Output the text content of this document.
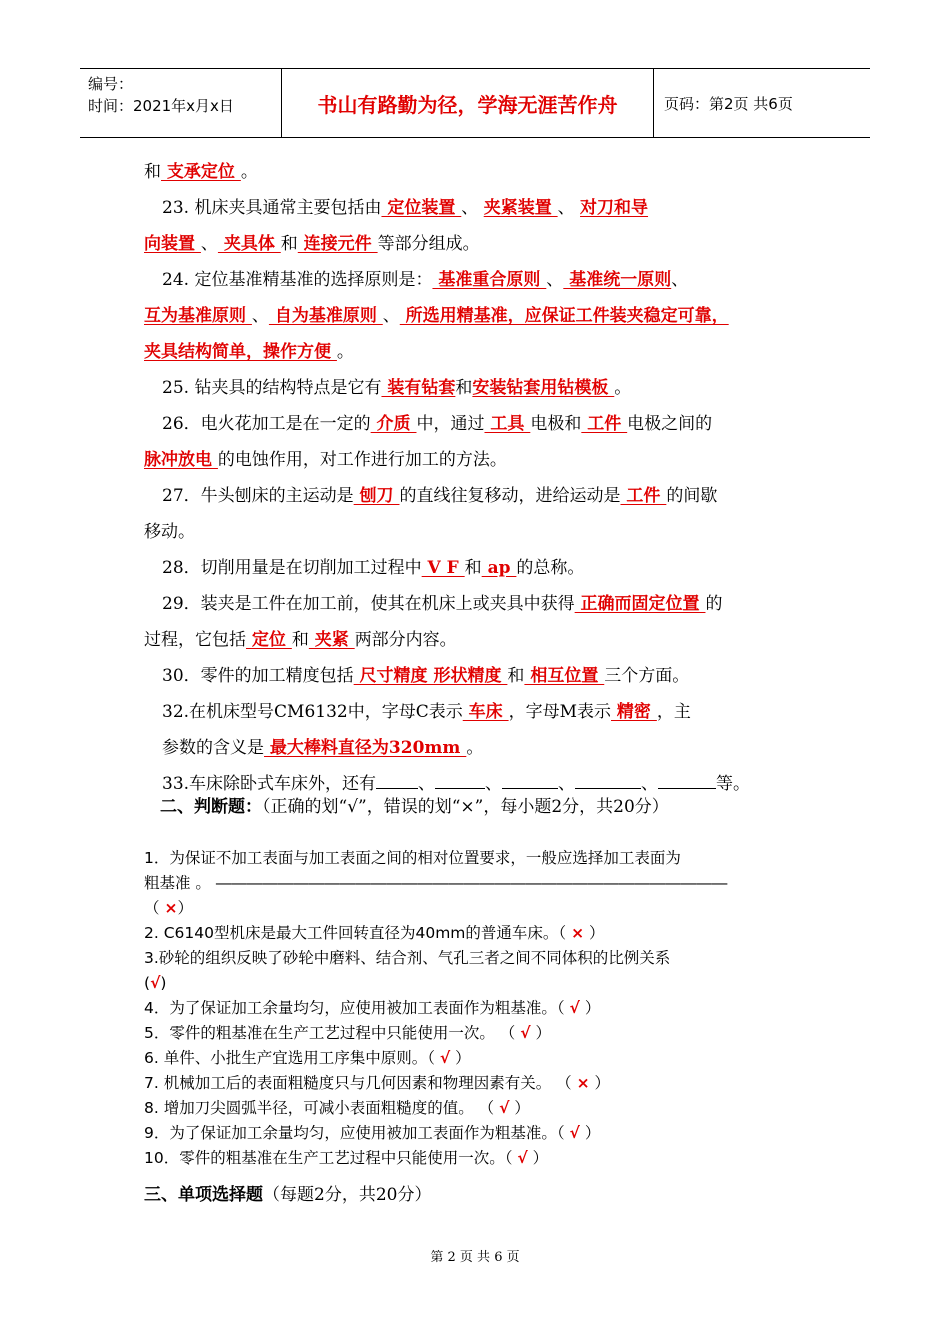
编号：
时间：2021年x月x日	书山有路勤为径，学海无涯苦作舟	页码：第2页 共6页
和 支承定位 。
23. 机床夹具通常主要包括由 定位装置 、 夹紧装置 、 对刀和导
向装置 、 夹具体 和 连接元件 等部分组成。
24. 定位基准精基准的选择原则是： 基准重合原则 、 基准统一原则、
互为基准原则 、 自为基准原则 、 所选用精基准，应保证工件装夹稳定可靠，
夹具结构简单，操作方便 。
25. 钻夹具的结构特点是它有 装有钻套和安装钻套用钻模板 。
26．电火花加工是在一定的 介质 中，通过 工具 电极和 工件 电极之间的
脉冲放电 的电蚀作用，对工作进行加工的方法。
27．牛头刨床的主运动是 刨刀 的直线往复移动，进给运动是 工件 的间歇
移动。
28．切削用量是在切削加工过程中 V F 和 ap 的总称。
29．装夹是工件在加工前，使其在机床上或夹具中获得 正确而固定位置 的
过程，它包括 定位 和 夹紧 两部分内容。
30．零件的加工精度包括 尺寸精度 形状精度 和 相互位置 三个方面。
32.在机床型号CM6132中，字母C表示 车床 ，字母M表示 精密 ，主
参数的含义是 最大棒料直径为320mm 。
33.车床除卧式车床外，还有 、	、	、	、	等。
二、判断题：（正确的划“√”，错误的划“×”，每小题2分，共20分）
1．为保证不加工表面与加工表面之间的相对位置要求，一般应选择加工表面为
粗基准 。 ―――――――――――――――――――――――――――――――――
（ ×）
2. C6140型机床是最大工件回转直径为40mm的普通车床。（ × ）
3.砂轮的组织反映了砂轮中磨料、结合剂、气孔三者之间不同体积的比例关系
(√)
4．为了保证加工余量均匀，应使用被加工表面作为粗基准。（ √ ）
5．零件的粗基准在生产工艺过程中只能使用一次。 （ √ ）
6. 单件、小批生产宜选用工序集中原则。（ √ ）
7. 机械加工后的表面粗糙度只与几何因素和物理因素有关。 （ × ）
8. 增加刀尖圆弧半径，可减小表面粗糙度的值。 （ √ ）
9．为了保证加工余量均匀，应使用被加工表面作为粗基准。（ √ ）
10．零件的粗基准在生产工艺过程中只能使用一次。（ √ ）
三、单项选择题（每题2分，共20分）
第 2 页 共 6 页
